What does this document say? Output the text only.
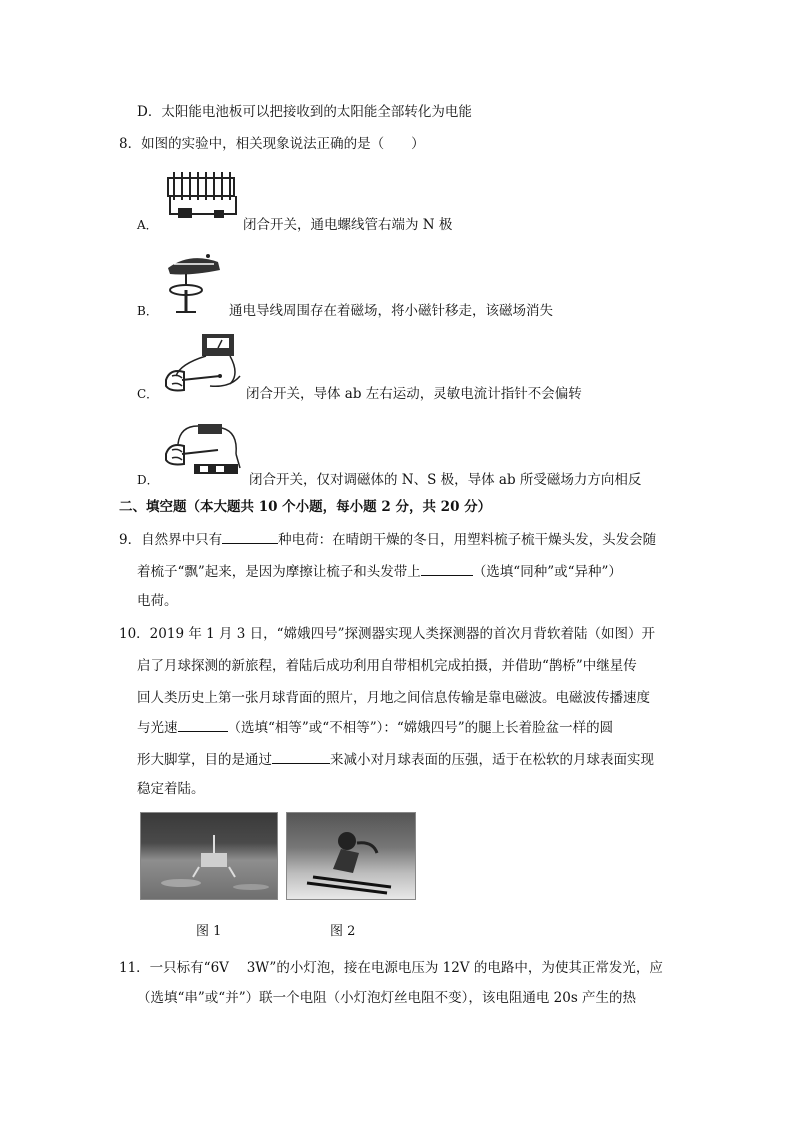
D．太阳能电池板可以把接收到的太阳能全部转化为电能
8．如图的实验中，相关现象说法正确的是（　　）
A．	闭合开关，通电螺线管右端为 N 极
B．	通电导线周围存在着磁场，将小磁针移走，该磁场消失
C．	闭合开关，导体 ab 左右运动，灵敏电流计指针不会偏转
D．	闭合开关，仅对调磁体的 N、S 极，导体 ab 所受磁场力方向相反
二、填空题（本大题共 10 个小题，每小题 2 分，共 20 分）
9．自然界中只有	种电荷：在晴朗干燥的冬日，用塑料梳子梳干燥头发，头发会随
着梳子“飘”起来，是因为摩擦让梳子和头发带上	（选填“同种”或“异种”）
电荷。
10．2019 年 1 月 3 日，“嫦娥四号”探测器实现人类探测器的首次月背软着陆（如图）开
启了月球探测的新旅程，着陆后成功利用自带相机完成拍摄，并借助“鹊桥”中继星传
回人类历史上第一张月球背面的照片，月地之间信息传输是靠电磁波。电磁波传播速度
与光速	（选填“相等”或“不相等”）：“嫦娥四号”的腿上长着脸盆一样的圆
形大脚掌，目的是通过	来减小对月球表面的压强，适于在松软的月球表面实现
稳定着陆。
图 1	图 2
11．一只标有“6V　 3W”的小灯泡，接在电源电压为 12V 的电路中，为使其正常发光，应
（选填“串”或“并”）联一个电阻（小灯泡灯丝电阻不变），该电阻通电 20s 产生的热
